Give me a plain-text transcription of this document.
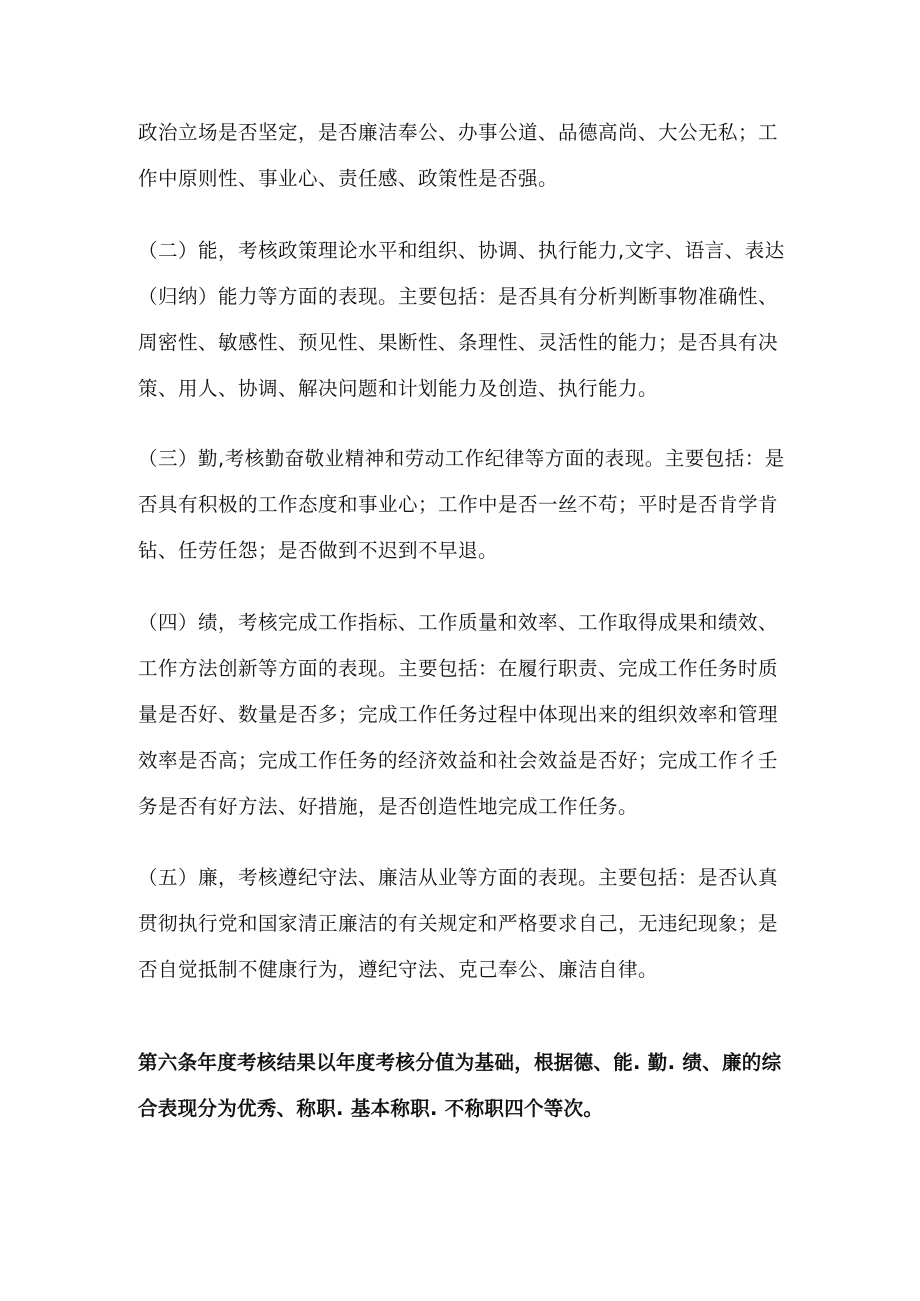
政治立场是否坚定，是否廉洁奉公、办事公道、品德高尚、大公无私；工
作中原则性、事业心、责任感、政策性是否强。
（二）能，考核政策理论水平和组织、协调、执行能力,文字、语言、表达
（归纳）能力等方面的表现。主要包括：是否具有分析判断事物准确性、
周密性、敏感性、预见性、果断性、条理性、灵活性的能力；是否具有决
策、用人、协调、解决问题和计划能力及创造、执行能力。
（三）勤,考核勤奋敬业精神和劳动工作纪律等方面的表现。主要包括：是
否具有积极的工作态度和事业心；工作中是否一丝不苟；平时是否肯学肯
钻、任劳任怨；是否做到不迟到不早退。
（四）绩，考核完成工作指标、工作质量和效率、工作取得成果和绩效、
工作方法创新等方面的表现。主要包括：在履行职责、完成工作任务时质
量是否好、数量是否多；完成工作任务过程中体现出来的组织效率和管理
效率是否高；完成工作任务的经济效益和社会效益是否好；完成工作彳壬
务是否有好方法、好措施，是否创造性地完成工作任务。
（五）廉，考核遵纪守法、廉洁从业等方面的表现。主要包括：是否认真
贯彻执行党和国家清正廉洁的有关规定和严格要求自己，无违纪现象；是
否自觉抵制不健康行为，遵纪守法、克己奉公、廉洁自律。
第六条年度考核结果以年度考核分值为基础，根据德、能. 勤. 绩、廉的综
合表现分为优秀、称职. 基本称职. 不称职四个等次。
